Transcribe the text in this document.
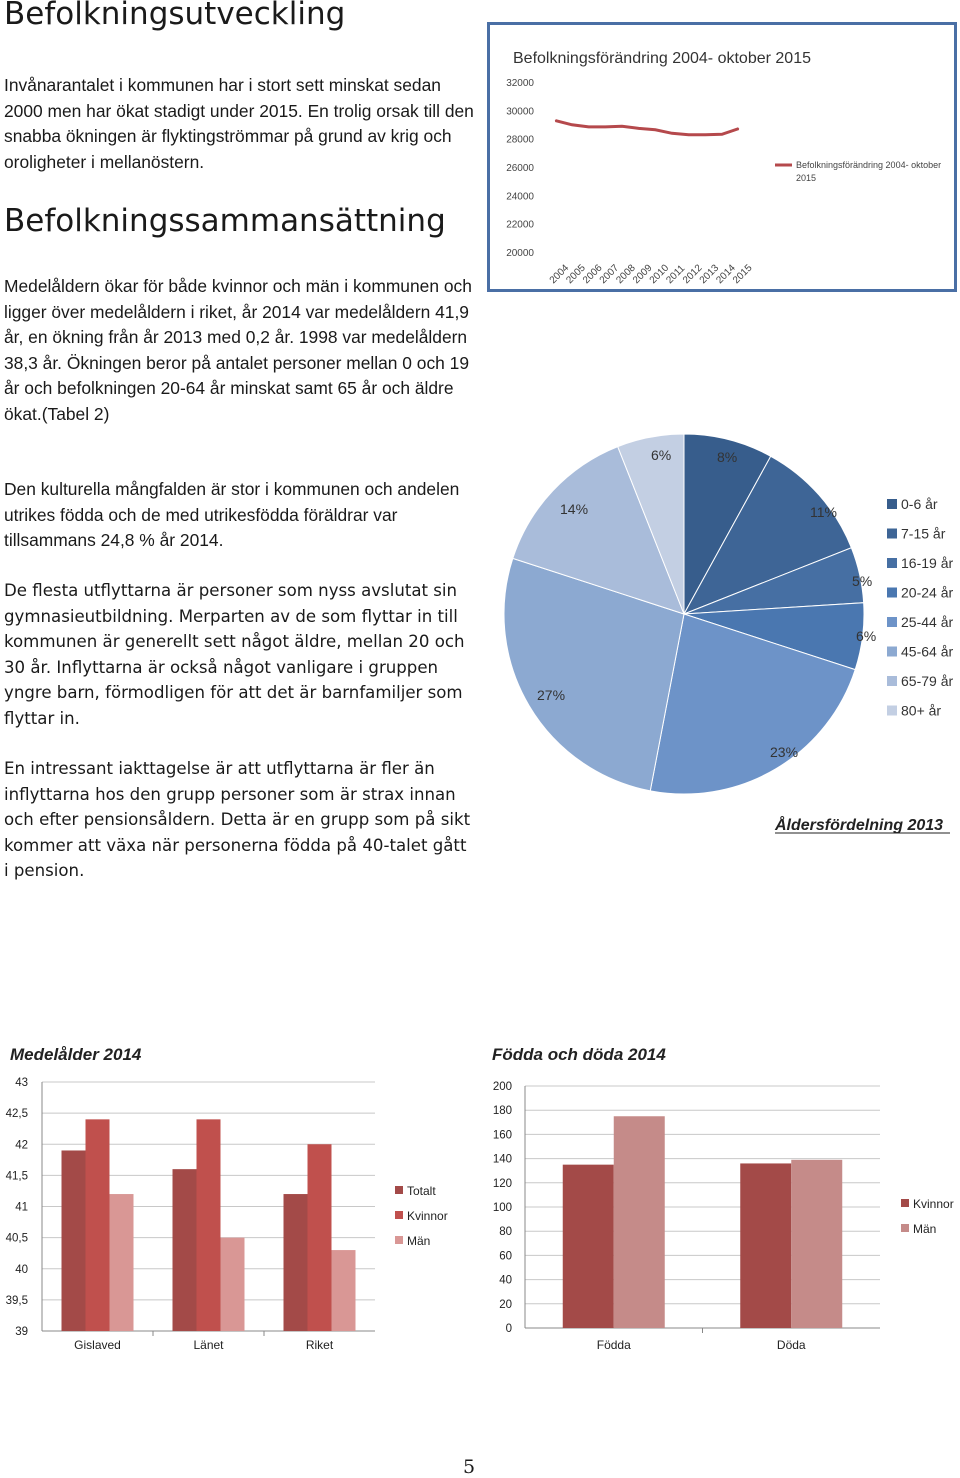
Befolkningsutveckling

Invånarantalet i kommunen har i stort sett minskat sedan 2000 men har ökat stadigt under 2015. En trolig orsak till den snabba ökningen är flyktingströmmar på grund av krig och oroligheter i mellanöstern.

Befolkningssammansättning

Medelåldern ökar för både kvinnor och män i kommunen och ligger över medelåldern i riket, år 2014 var medelåldern 41,9 år, en ökning från år 2013 med 0,2 år. 1998 var medelåldern 38,3 år. Ökningen beror på antalet personer mellan 0 och 19 år och befolkningen 20-64 år minskat samt 65 år och äldre ökat.(Tabel 2)

Den kulturella mångfalden är stor i kommunen och andelen utrikes födda och de med utrikesfödda föräldrar var tillsammans 24,8 % år 2014.

De flesta utflyttarna är personer som nyss avslutat sin gymnasieutbildning. Merparten av de som flyttar in till kommunen är generellt sett något äldre, mellan 20 och 30 år. Inflyttarna är också något vanligare i gruppen yngre barn, förmodligen för att det är barnfamiljer som flyttar in.

En intressant iakttagelse är att utflyttarna är fler än inflyttarna hos den grupp personer som är strax innan och efter pensionsåldern. Detta är en grupp som på sikt kommer att växa när personerna födda på 40-talet gått i pension.

Befolkningsförändring 2004- oktober 2015
32000
30000
28000
26000
24000
22000
20000
2004
2005
2006
2007
2008
2009
2010
2011
2012
2013
2014
2015
Befolkningsförändring 2004- oktober
2015
8%
11%
5%
6%
23%
27%
14%
6%
0-6 år
7-15 år
16-19 år
20-24 år
25-44 år
45-64 år
65-79 år
80+ år
Åldersfördelning 2013
Medelålder 2014
43
42,5
42
41,5
41
40,5
40
39,5
39
Gislaved	Länet	Riket
Totalt
Kvinnor
Män
Födda och döda 2014
200
180
160
140
120
100
80
60
40
20
0
Födda	Döda
Kvinnor
Män
5
